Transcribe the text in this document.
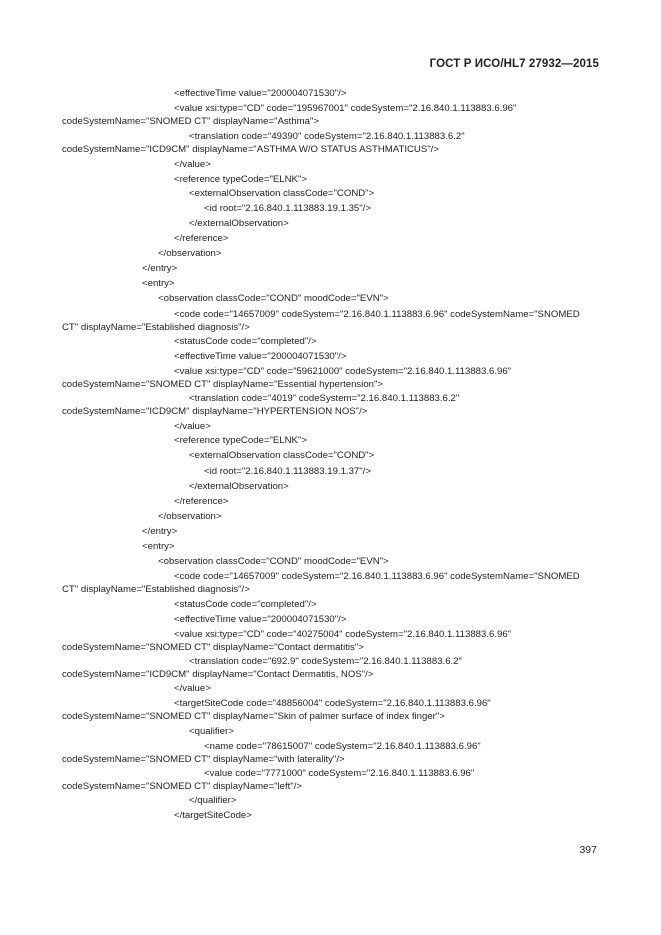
ГОСТ Р ИСО/HL7 27932—2015
<effectiveTime value="200004071530"/>
<value xsi:type="CD" code="195967001" codeSystem="2.16.840.1.113883.6.96"
codeSystemName="SNOMED CT" displayName="Asthma">
<translation code="49390" codeSystem="2.16.840.1.113883.6.2"
codeSystemName="ICD9CM" displayName="ASTHMA W/O STATUS ASTHMATICUS"/>
</value>
<reference typeCode="ELNK">
<externalObservation classCode="COND">
<id root="2.16.840.1.113883.19.1.35"/>
</externalObservation>
</reference>
</observation>
</entry>
<entry>
<observation classCode="COND" moodCode="EVN">
<code code="14657009" codeSystem="2.16.840.1.113883.6.96" codeSystemName="SNOMED
CT" displayName="Established diagnosis"/>
<statusCode code="completed"/>
<effectiveTime value="200004071530"/>
<value xsi:type="CD" code="59621000" codeSystem="2.16.840.1.113883.6.96"
codeSystemName="SNOMED CT" displayName="Essential hypertension">
<translation code="4019" codeSystem="2.16.840.1.113883.6.2"
codeSystemName="ICD9CM" displayName="HYPERTENSION NOS"/>
</value>
<reference typeCode="ELNK">
<externalObservation classCode="COND">
<id root="2.16.840.1.113883.19.1.37"/>
</externalObservation>
</reference>
</observation>
</entry>
<entry>
<observation classCode="COND" moodCode="EVN">
<code code="14657009" codeSystem="2.16.840.1.113883.6.96" codeSystemName="SNOMED
CT" displayName="Established diagnosis"/>
<statusCode code="completed"/>
<effectiveTime value="200004071530"/>
<value xsi:type="CD" code="40275004" codeSystem="2.16.840.1.113883.6.96"
codeSystemName="SNOMED CT" displayName="Contact dermatitis">
<translation code="692.9" codeSystem="2.16.840.1.113883.6.2"
codeSystemName="ICD9CM" displayName="Contact Dermatitis, NOS"/>
</value>
<targetSiteCode code="48856004" codeSystem="2.16.840.1.113883.6.96"
codeSystemName="SNOMED CT" displayName="Skin of palmer surface of index finger">
<qualifier>
<name code="78615007" codeSystem="2.16.840.1.113883.6.96"
codeSystemName="SNOMED CT" displayName="with laterality"/>
<value code="7771000" codeSystem="2.16.840.1.113883.6.96"
codeSystemName="SNOMED CT" displayName="left"/>
</qualifier>
</targetSiteCode>
397
